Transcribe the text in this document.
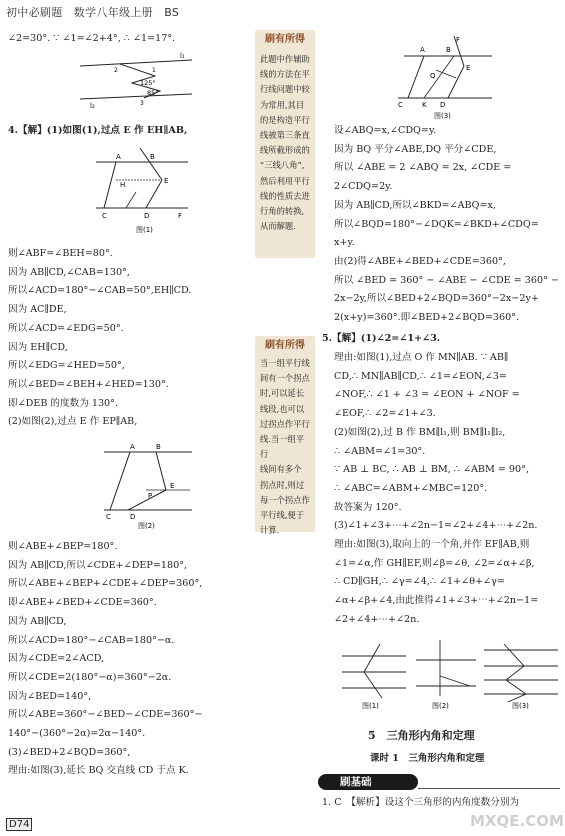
初中必刷题　数学八年级上册　BS
∠2=30°. ∵ ∠1=∠2+4°, ∴ ∠1=17°.
l₁
l₂
125°
85°
2	1
3
4.【解】(1)如图(1),过点 E 作 EH∥AB,
A	B
C	D
E
F
H
图(1)
则∠ABF=∠BEH=80°.
因为 AB∥CD,∠CAB=130°,
所以∠ACD=180°−∠CAB=50°,EH∥CD.
因为 AC∥DE,
所以∠ACD=∠EDG=50°.
因为 EH∥CD,
所以∠EDG=∠HED=50°,
所以∠BED=∠BEH+∠HED=130°.
即∠DEB 的度数为 130°.
(2)如图(2),过点 E 作 EP∥AB,
A	B
C	D
E
P
图(2)
则∠ABE+∠BEP=180°.
因为 AB∥CD,所以∠CDE+∠DEP=180°,
所以∠ABE+∠BEP+∠CDE+∠DEP=360°,
即∠ABE+∠BED+∠CDE=360°.
因为 AB∥CD,
所以∠ACD=180°−∠CAB=180°−α.
因为∠CDE=2∠ACD,
所以∠CDE=2(180°−α)=360°−2α.
因为∠BED=140°,
所以∠ABE=360°−∠BED−∠CDE=360°−
140°−(360°−2α)=2α−140°.
(3)∠BED+2∠BQD=360°,
理由:如图(3),延长 BQ 交直线 CD 于点 K.
刷有所得
此题中作辅助
线的方法在平
行线问题中较
为常用,其目
的是构造平行
线被第三条直
线所截形成的
“三线八角”,
然后利用平行
线的性质去进
行角的转换,
从而解题.
刷有所得
当一组平行线
间有一个拐点
时,可以延长
线段,也可以
过拐点作平行
线.当一组平行
线间有多个
拐点时,则过
每一个拐点作
平行线,便于
计算.
A	B
C	D
E
F
K
Q
图(3)
设∠ABQ=x,∠CDQ=y.
因为 BQ 平分∠ABE,DQ 平分∠CDE,
所以 ∠ABE = 2 ∠ABQ = 2x, ∠CDE =
2∠CDQ=2y.
因为 AB∥CD,所以∠BKD=∠ABQ=x,
所以∠BQD=180°−∠DQK=∠BKD+∠CDQ=
x+y.
由(2)得∠ABE+∠BED+∠CDE=360°,
所以 ∠BED = 360° − ∠ABE − ∠CDE = 360° −
2x−2y,所以∠BED+2∠BQD=360°−2x−2y+
2(x+y)=360°.即∠BED+2∠BQD=360°.
5.【解】(1)∠2=∠1+∠3.
理由:如图(1),过点 O 作 MN∥AB. ∵ AB∥
CD,∴ MN∥AB∥CD,∴ ∠1=∠EON,∠3=
∠NOF,∴ ∠1 + ∠3 = ∠EON + ∠NOF =
∠EOF,∴ ∠2=∠1+∠3.
(2)如图(2),过 B 作 BM∥l₁,则 BM∥l₁∥l₂,
∴ ∠ABM=∠1=30°.
∵ AB ⊥ BC, ∴ AB ⊥ BM, ∴ ∠ABM = 90°,
∴ ∠ABC=∠ABM+∠MBC=120°.
故答案为 120°.
(3)∠1+∠3+⋯+∠2n−1=∠2+∠4+⋯+∠2n.
理由:如图(3),取向上的一个角,并作 EF∥AB,则
∠1=∠α,作 GH∥EF,则∠β=∠θ, ∠2=∠α+∠β,
∴ CD∥GH,∴ ∠γ=∠4,∴ ∠1+∠θ+∠γ=
∠α+∠β+∠4,由此推得∠1+∠3+⋯+∠2n−1=
∠2+∠4+⋯+∠2n.
图(1)	图(2)	图(3)
5　三角形内角和定理
课时 1　三角形内角和定理
刷基础
1. C　【解析】设这个三角形的内角度数分别为
D74	MXQE.COM
